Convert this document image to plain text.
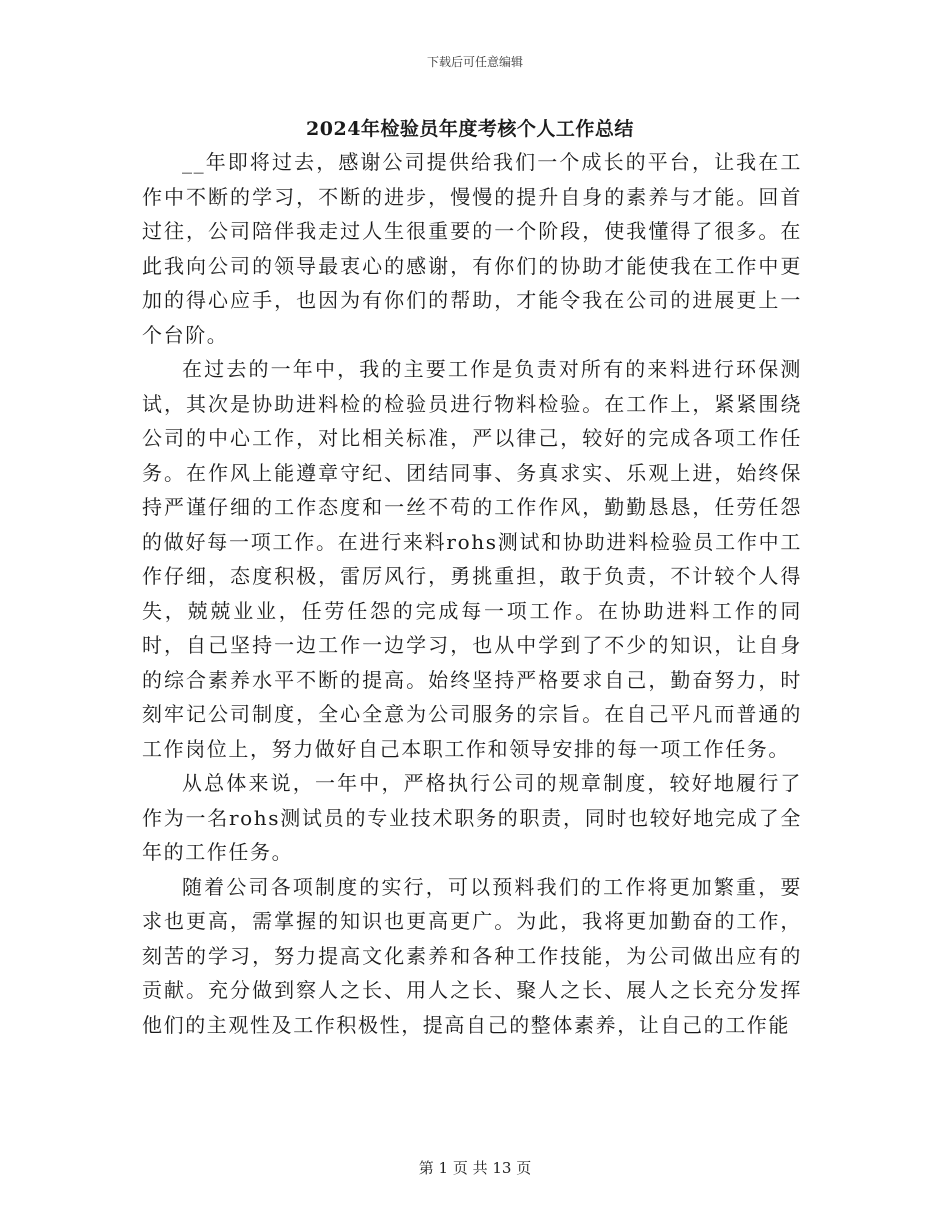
下载后可任意编辑
2024年检验员年度考核个人工作总结

__年即将过去，感谢公司提供给我们一个成长的平台，让我在工作中不断的学习，不断的进步，慢慢的提升自身的素养与才能。回首过往，公司陪伴我走过人生很重要的一个阶段，使我懂得了很多。在此我向公司的领导最衷心的感谢，有你们的协助才能使我在工作中更加的得心应手，也因为有你们的帮助，才能令我在公司的进展更上一个台阶。

在过去的一年中，我的主要工作是负责对所有的来料进行环保测试，其次是协助进料检的检验员进行物料检验。在工作上，紧紧围绕公司的中心工作，对比相关标准，严以律己，较好的完成各项工作任务。在作风上能遵章守纪、团结同事、务真求实、乐观上进，始终保持严谨仔细的工作态度和一丝不苟的工作作风，勤勤恳恳，任劳任怨的做好每一项工作。在进行来料rohs测试和协助进料检验员工作中工作仔细，态度积极，雷厉风行，勇挑重担，敢于负责，不计较个人得失，兢兢业业，任劳任怨的完成每一项工作。在协助进料工作的同时，自己坚持一边工作一边学习，也从中学到了不少的知识，让自身的综合素养水平不断的提高。始终坚持严格要求自己，勤奋努力，时刻牢记公司制度，全心全意为公司服务的宗旨。在自己平凡而普通的工作岗位上，努力做好自己本职工作和领导安排的每一项工作任务。

从总体来说，一年中，严格执行公司的规章制度，较好地履行了作为一名rohs测试员的专业技术职务的职责，同时也较好地完成了全年的工作任务。

随着公司各项制度的实行，可以预料我们的工作将更加繁重，要求也更高，需掌握的知识也更高更广。为此，我将更加勤奋的工作，刻苦的学习，努力提高文化素养和各种工作技能，为公司做出应有的贡献。充分做到察人之长、用人之长、聚人之长、展人之长充分发挥他们的主观性及工作积极性，提高自己的整体素养，让自己的工作能

第 1 页 共 13 页
